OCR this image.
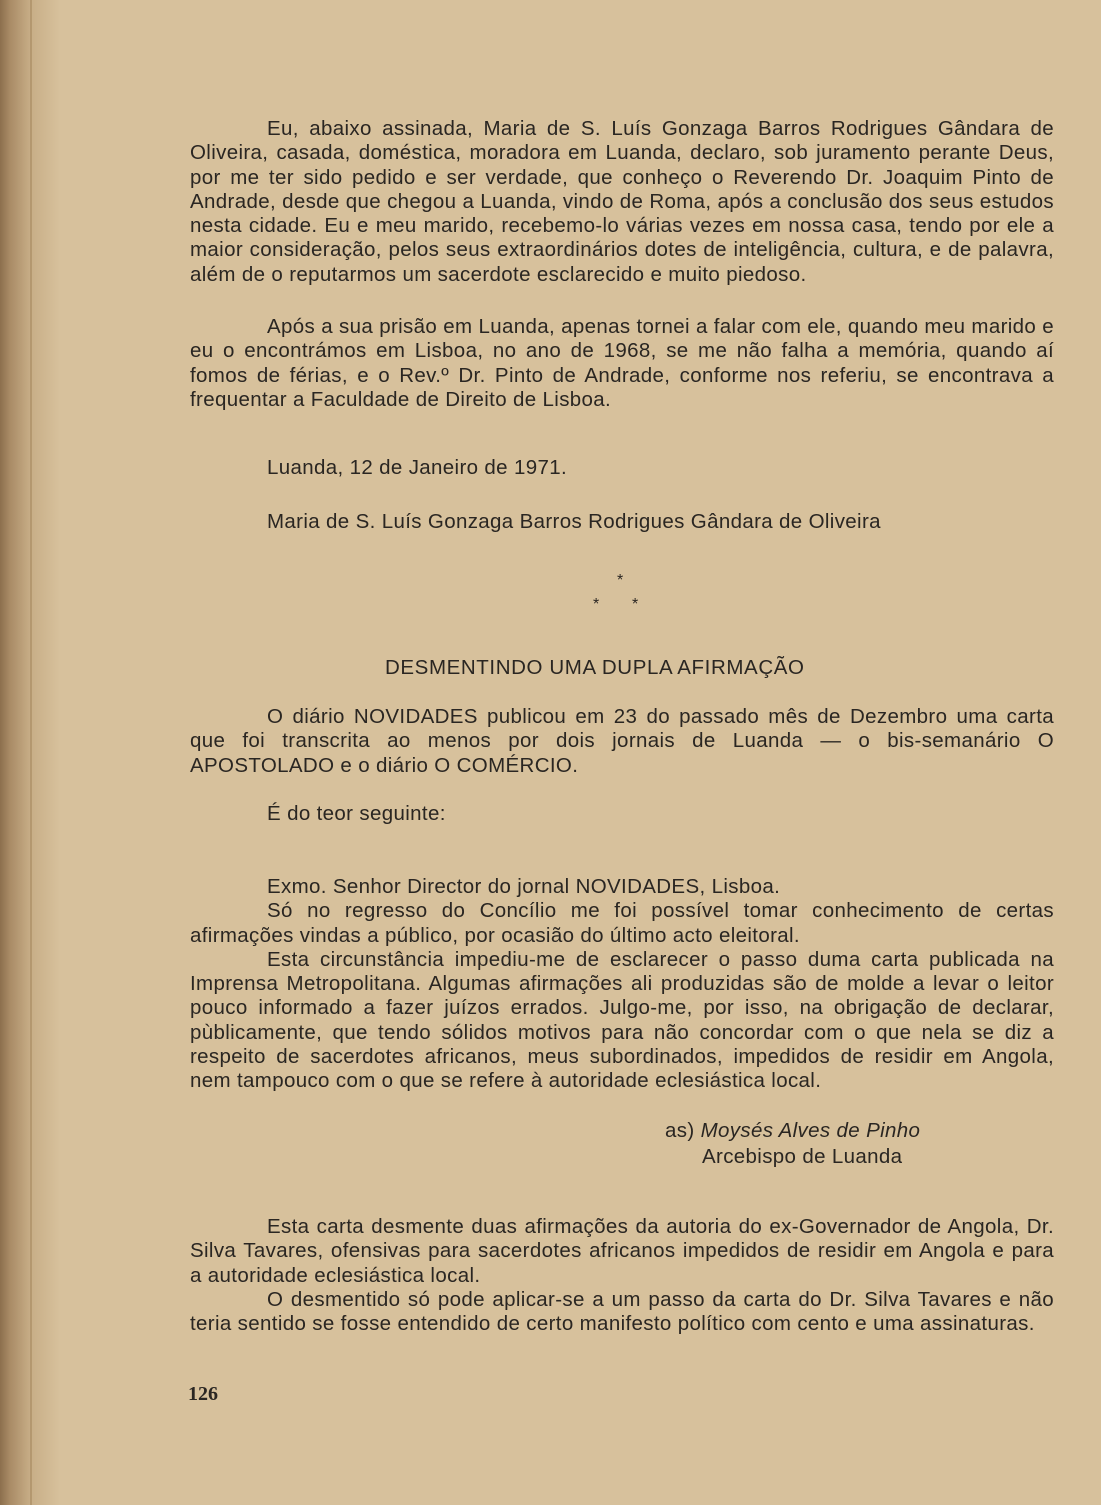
Eu, abaixo assinada, Maria de S. Luís Gonzaga Barros Rodrigues Gândara de Oliveira, casada, doméstica, moradora em Luanda, declaro, sob juramento perante Deus, por me ter sido pedido e ser verdade, que conheço o Reverendo Dr. Joaquim Pinto de Andrade, desde que chegou a Luanda, vindo de Roma, após a conclusão dos seus estudos nesta cidade. Eu e meu marido, recebemo-lo várias vezes em nossa casa, tendo por ele a maior consideração, pelos seus extraordinários dotes de inteligência, cultura, e de palavra, além de o reputarmos um sacerdote esclarecido e muito piedoso.

Após a sua prisão em Luanda, apenas tornei a falar com ele, quando meu marido e eu o encontrámos em Lisboa, no ano de 1968, se me não falha a memória, quando aí fomos de férias, e o Rev.º Dr. Pinto de Andrade, conforme nos referiu, se encontrava a frequentar a Faculdade de Direito de Lisboa.

Luanda, 12 de Janeiro de 1971.
Maria de S. Luís Gonzaga Barros Rodrigues Gândara de Oliveira
*
* *
DESMENTINDO UMA DUPLA AFIRMAÇÃO

O diário NOVIDADES publicou em 23 do passado mês de Dezembro uma carta que foi transcrita ao menos por dois jornais de Luanda — o bis-semanário O APOSTOLADO e o diário O COMÉRCIO.

É do teor seguinte:

Exmo. Senhor Director do jornal NOVIDADES, Lisboa.

Só no regresso do Concílio me foi possível tomar conhecimento de certas afirmações vindas a público, por ocasião do último acto eleitoral.

Esta circunstância impediu-me de esclarecer o passo duma carta publicada na Imprensa Metropolitana. Algumas afirmações ali produzidas são de molde a levar o leitor pouco informado a fazer juízos errados. Julgo-me, por isso, na obrigação de declarar, pùblicamente, que tendo sólidos motivos para não concordar com o que nela se diz a respeito de sacerdotes africanos, meus subordinados, impedidos de residir em Angola, nem tampouco com o que se refere à autoridade eclesiástica local.

as) Moysés Alves de Pinho
Arcebispo de Luanda

Esta carta desmente duas afirmações da autoria do ex-Governador de Angola, Dr. Silva Tavares, ofensivas para sacerdotes africanos impedidos de residir em Angola e para a autoridade eclesiástica local.

O desmentido só pode aplicar-se a um passo da carta do Dr. Silva Tavares e não teria sentido se fosse entendido de certo manifesto político com cento e uma assinaturas.

126
